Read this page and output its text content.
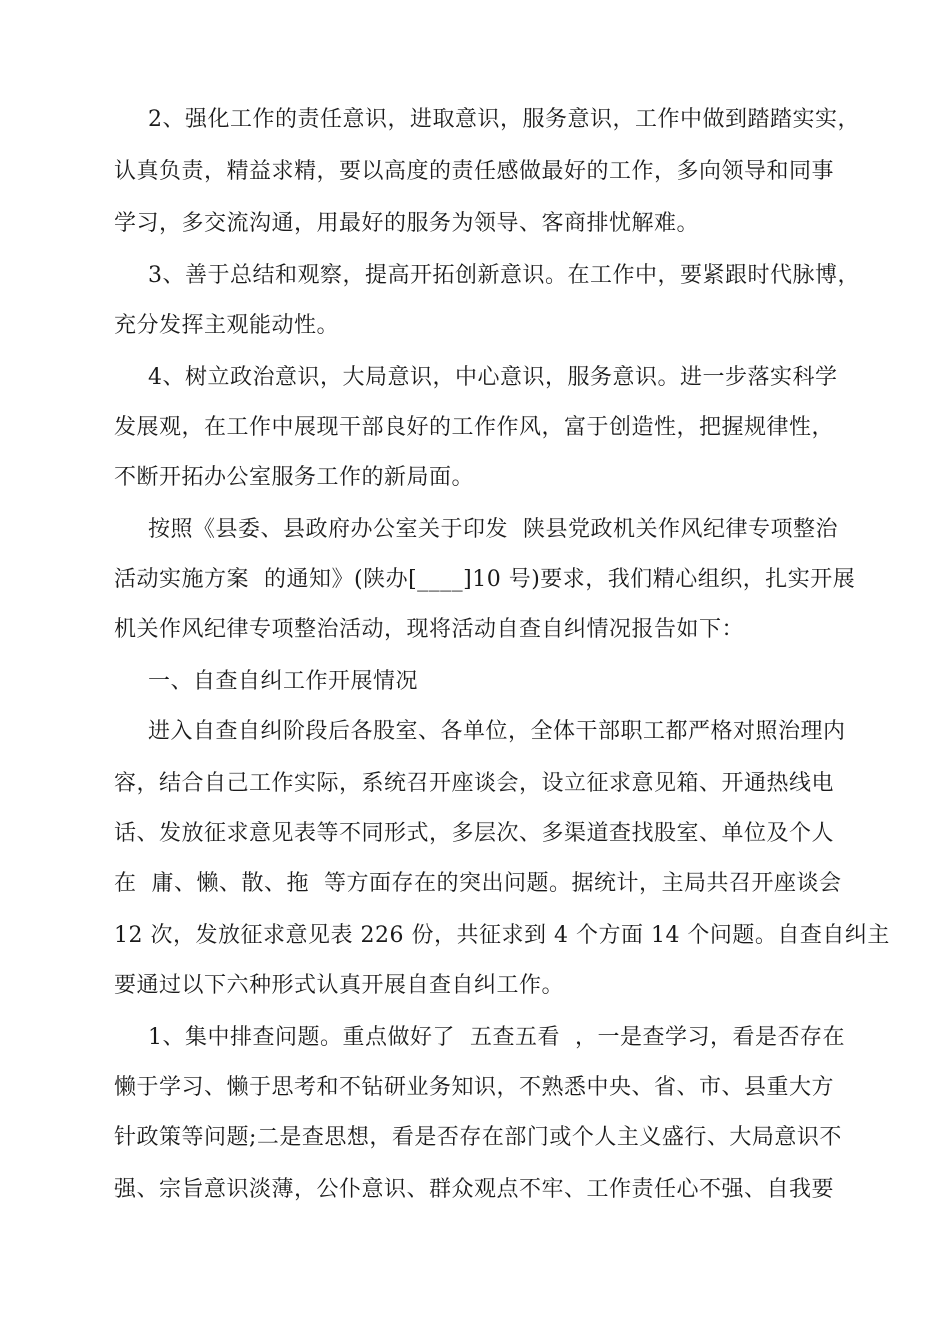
2、强化工作的责任意识，进取意识，服务意识，工作中做到踏踏实实，
认真负责，精益求精，要以高度的责任感做最好的工作，多向领导和同事
学习，多交流沟通，用最好的服务为领导、客商排忧解难。
3、善于总结和观察，提高开拓创新意识。在工作中，要紧跟时代脉博，
充分发挥主观能动性。
4、树立政治意识，大局意识，中心意识，服务意识。进一步落实科学
发展观，在工作中展现干部良好的工作作风，富于创造性，把握规律性，
不断开拓办公室服务工作的新局面。
按照《县委、县政府办公室关于印发  陕县党政机关作风纪律专项整治
活动实施方案  的通知》(陕办[____]10 号)要求，我们精心组织，扎实开展
机关作风纪律专项整治活动，现将活动自查自纠情况报告如下：
一、自查自纠工作开展情况
进入自查自纠阶段后各股室、各单位，全体干部职工都严格对照治理内
容，结合自己工作实际，系统召开座谈会，设立征求意见箱、开通热线电
话、发放征求意见表等不同形式，多层次、多渠道查找股室、单位及个人
在  庸、懒、散、拖  等方面存在的突出问题。据统计，主局共召开座谈会
12 次，发放征求意见表 226 份，共征求到 4 个方面 14 个问题。自查自纠主
要通过以下六种形式认真开展自查自纠工作。
1、集中排查问题。重点做好了  五查五看  ，一是查学习，看是否存在
懒于学习、懒于思考和不钻研业务知识，不熟悉中央、省、市、县重大方
针政策等问题;二是查思想，看是否存在部门或个人主义盛行、大局意识不
强、宗旨意识淡薄，公仆意识、群众观点不牢、工作责任心不强、自我要
